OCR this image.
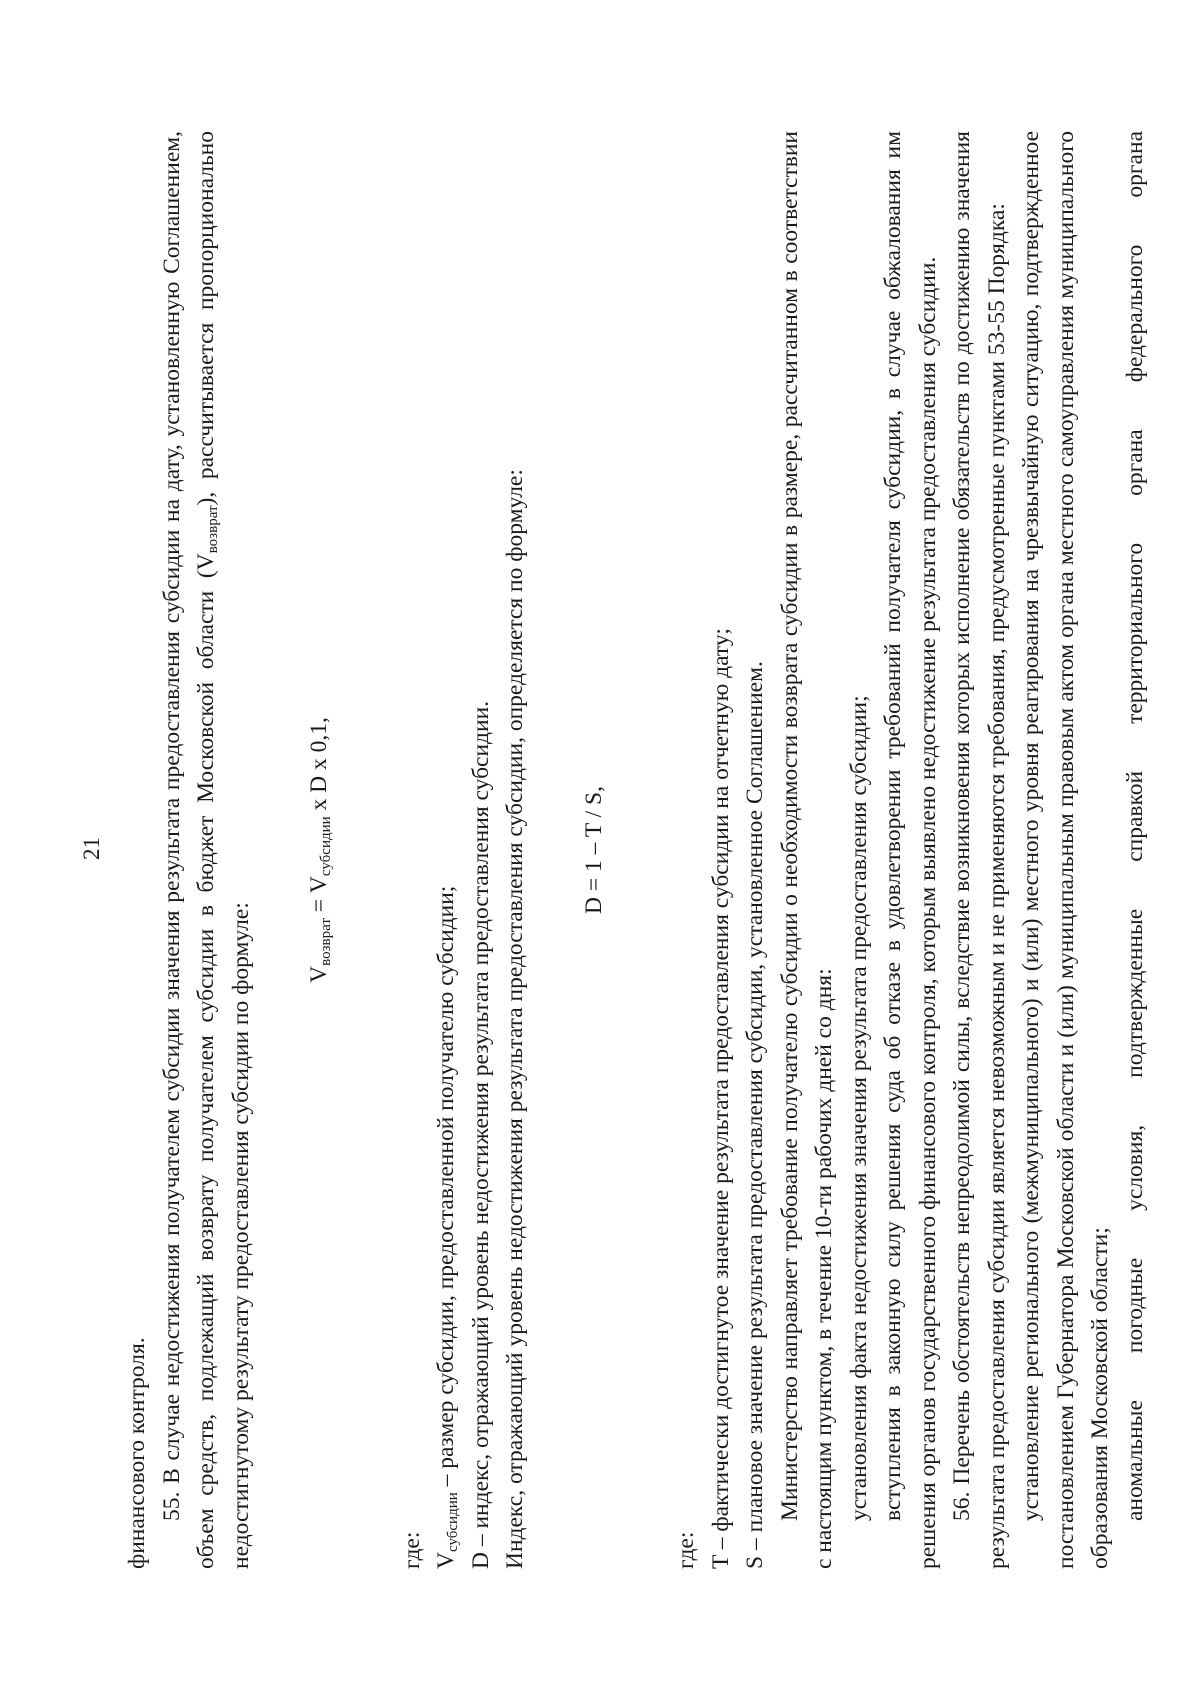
21

финансового контроля. 55. В случае недостижения получателем субсидии значения результата предоставления субсидии на дату, установленную Соглашением, объем средств, подлежащий возврату получателем субсидии в бюджет Московской области $(V_{возврат})$, рассчитывается пропорционально недостигнутому результату предоставления субсидии по формуле: $V_{возврат} = V_{субсидии}$ x D x 0,1,

где: $V_{субсидии}$ – размер субсидии, предоставленной получателю субсидии; D – индекс, отражающий уровень недостижения результата предоставления субсидии. Индекс, отражающий уровень недостижения результата предоставления субсидии, определяется по формуле: D = 1 – T / S,

где: T – фактически достигнутое значение результата предоставления субсидии на отчетную дату; S – плановое значение результата предоставления субсидии, установленное Соглашением. Министерство направляет требование получателю субсидии о необходимости возврата субсидии в размере, рассчитанном в соответствии с настоящим пунктом, в течение 10-ти рабочих дней со дня: установления факта недостижения значения результата предоставления субсидии; вступления в законную силу решения суда об отказе в удовлетворении требований получателя субсидии, в случае обжалования им решения органов государственного финансового контроля, которым выявлено недостижение результата предоставления субсидии. 56. Перечень обстоятельств непреодолимой силы, вследствие возникновения которых исполнение обязательств по достижению значения результата предоставления субсидии является невозможным и не применяются требования, предусмотренные пунктами 53-55 Порядка: установление регионального (межмуниципального) и (или) местного уровня реагирования на чрезвычайную ситуацию, подтвержденное постановлением Губернатора Московской области и (или) муниципальным правовым актом органа местного самоуправления муниципального образования Московской области; аномальные погодные условия, подтвержденные справкой территориального органа федерального органа
